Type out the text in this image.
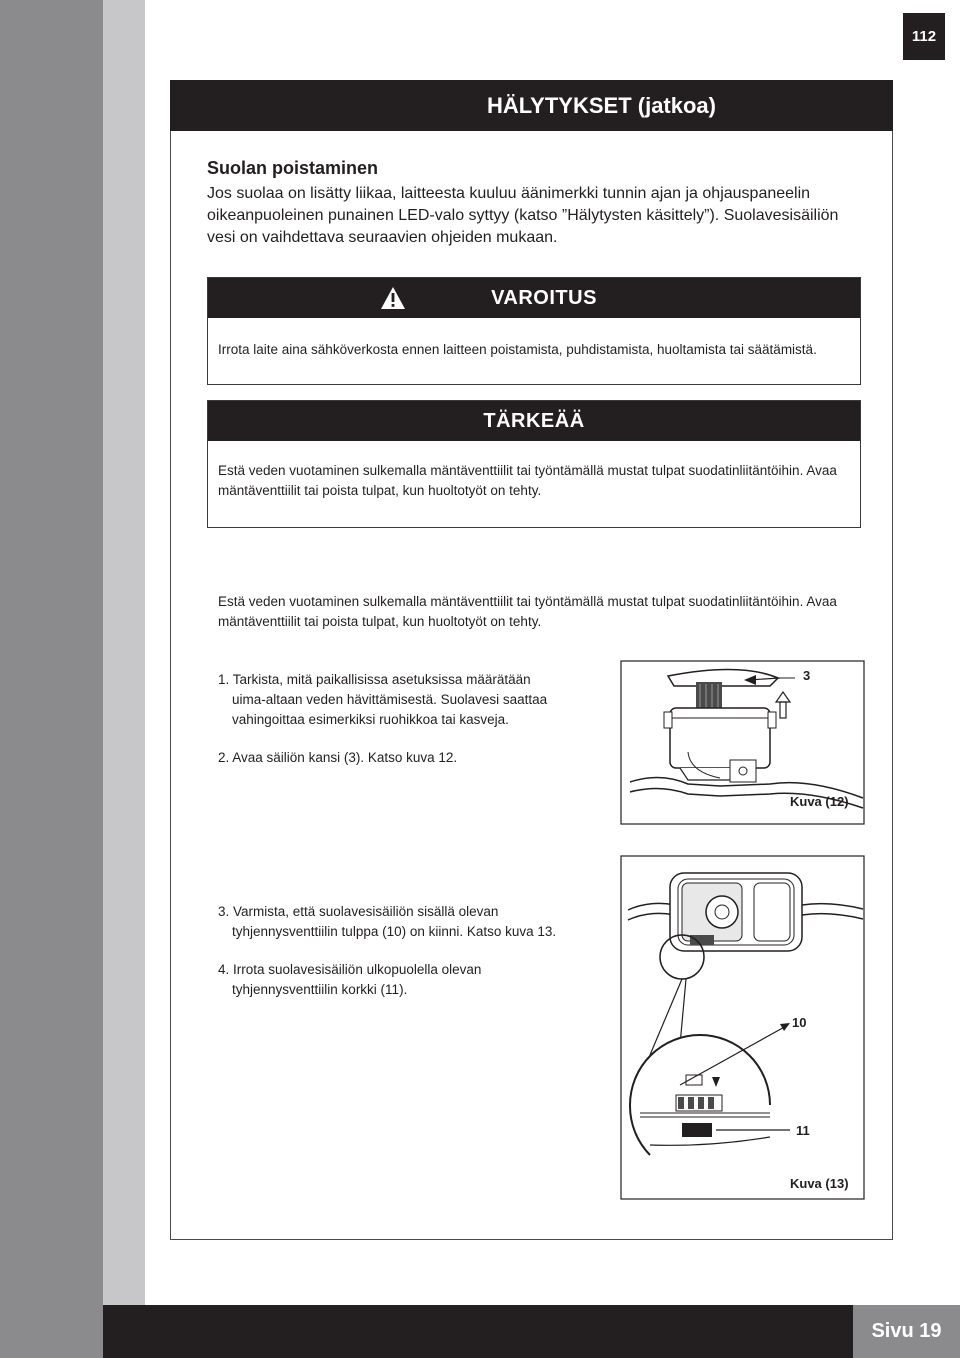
112
HÄLYTYKSET (jatkoa)
Suolan poistaminen
Jos suolaa on lisätty liikaa, laitteesta kuuluu äänimerkki tunnin ajan ja ohjauspaneelin oikeanpuoleinen punainen LED-valo syttyy (katso ”Hälytysten käsittely”). Suolavesisäiliön vesi on vaihdettava seuraavien ohjeiden mukaan.
VAROITUS
Irrota laite aina sähköverkosta ennen laitteen poistamista, puhdistamista, huoltamista tai säätämistä.
TÄRKEÄÄ
Estä veden vuotaminen sulkemalla mäntäventtiilit tai työntämällä mustat tulpat suodatinliitäntöihin. Avaa mäntäventtiilit tai poista tulpat, kun huoltotyöt on tehty.
Estä veden vuotaminen sulkemalla mäntäventtiilit tai työntämällä mustat tulpat suodatinliitäntöihin. Avaa mäntäventtiilit tai poista tulpat, kun huoltotyöt on tehty.
1. Tarkista, mitä paikallisissa asetuksissa määrätään
uima-altaan veden hävittämisestä. Suolavesi saattaa
vahingoittaa esimerkiksi ruohikkoa tai kasveja.
2. Avaa säiliön kansi (3). Katso kuva 12.
3. Varmista, että suolavesisäiliön sisällä olevan
tyhjennysventtiilin tulppa (10) on kiinni. Katso kuva 13.
4. Irrota suolavesisäiliön ulkopuolella olevan
tyhjennysventtiilin korkki (11).
3
Kuva (12)
10
11
Kuva (13)
Sivu 19
